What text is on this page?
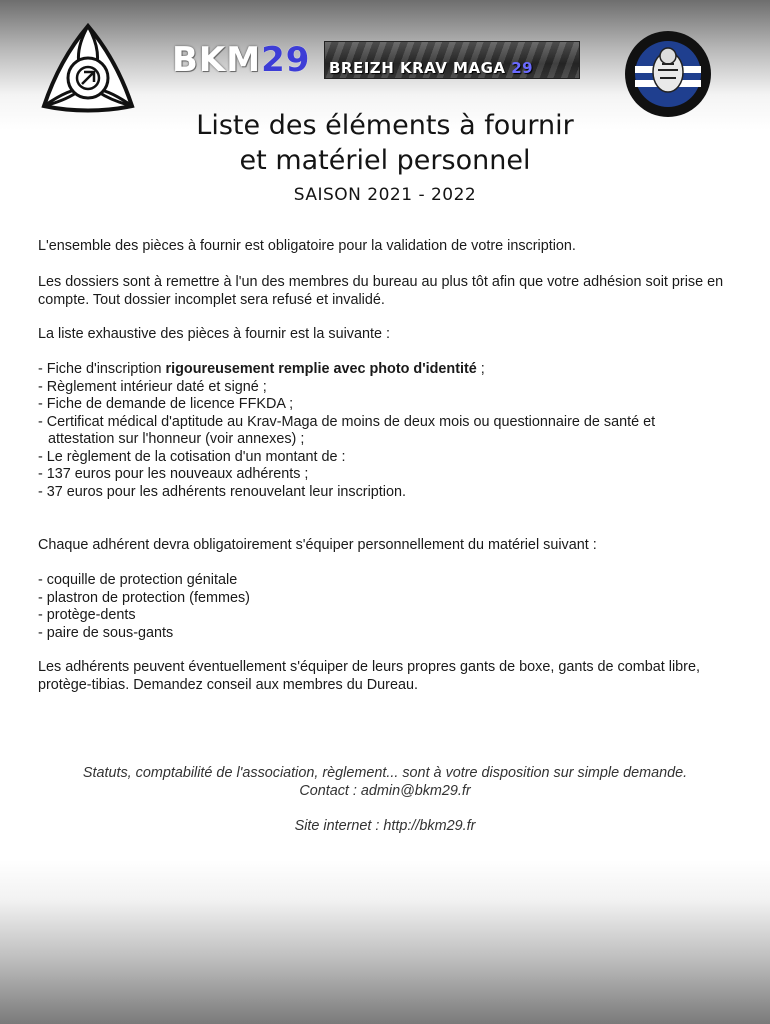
BKM29 BREIZH KRAV MAGA 29
Liste des éléments à fournir
et matériel personnel
SAISON 2021 - 2022

L'ensemble des pièces à fournir est obligatoire pour la validation de votre inscription.

Les dossiers sont à remettre à l'un des membres du bureau au plus tôt afin que votre adhésion soit prise en compte. Tout dossier incomplet sera refusé et invalidé.

La liste exhaustive des pièces à fournir est la suivante :

- Fiche d'inscription rigoureusement remplie avec photo d'identité ;
- Règlement intérieur daté et signé ;
- Fiche de demande de licence FFKDA ;
- Certificat médical d'aptitude au Krav-Maga de moins de deux mois ou questionnaire de santé et
attestation sur l'honneur (voir annexes) ;
- Le règlement de la cotisation d'un montant de :
- 137 euros pour les nouveaux adhérents ;
- 37 euros pour les adhérents renouvelant leur inscription.

Chaque adhérent devra obligatoirement s'équiper personnellement du matériel suivant :

- coquille de protection génitale
- plastron de protection (femmes)
- protège-dents
- paire de sous-gants

Les adhérents peuvent éventuellement s'équiper de leurs propres gants de boxe, gants de combat libre, protège-tibias. Demandez conseil aux membres du Dureau.

Statuts, comptabilité de l'association, règlement... sont à votre disposition sur simple demande.

Contact : admin@bkm29.fr

Site internet : http://bkm29.fr
